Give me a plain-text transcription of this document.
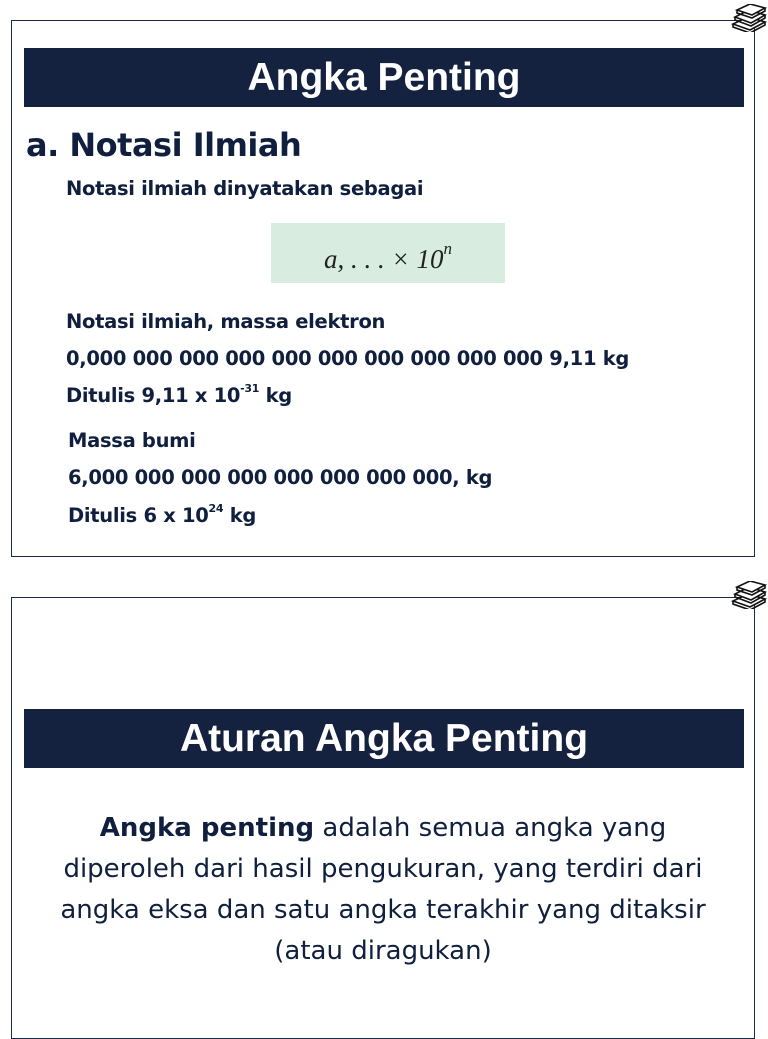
Angka Penting
a. Notasi Ilmiah
Notasi ilmiah dinyatakan sebagai
a, . . . × $10^n$
Notasi ilmiah, massa elektron
0,000 000 000 000 000 000 000 000 000 000 9,11 kg
Ditulis 9,11 x $10^{-31}$ kg
Massa bumi
6,000 000 000 000 000 000 000 000, kg
Ditulis 6 x $10^{24}$ kg
Aturan Angka Penting
Angka penting adalah semua angka yang diperoleh dari hasil pengukuran, yang terdiri dari angka eksa dan satu angka terakhir yang ditaksir (atau diragukan)
